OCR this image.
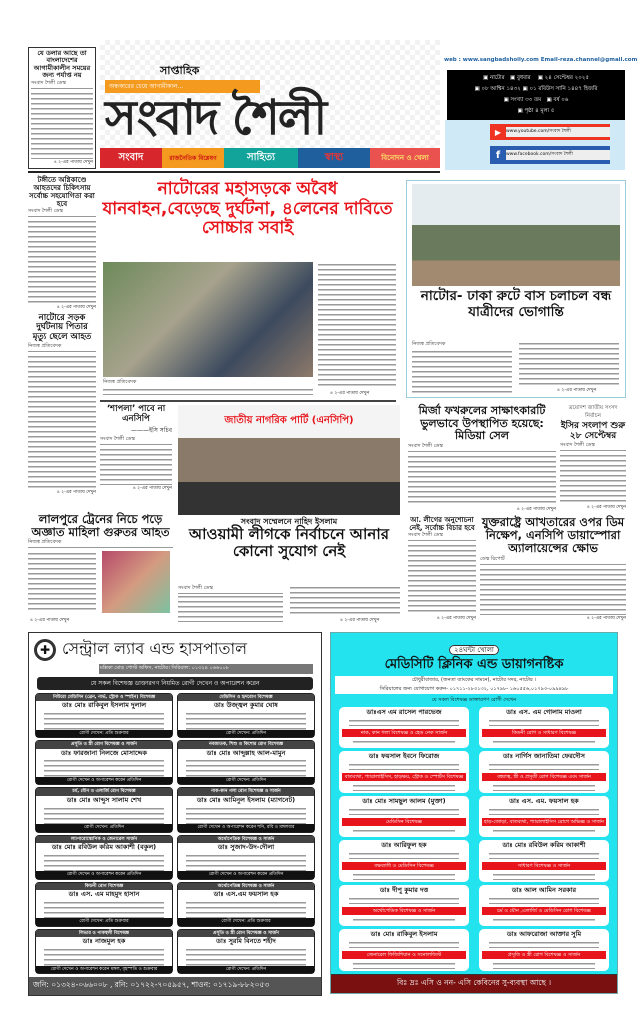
যে ডলার আছে তা বাংলাদেশের আগামীকালীন সময়ের জন্য পর্যাপ্ত নয়
সংবাদ শৈলী ডেস্ক
৪ ২-এর পাতায় দেখুন
সাপ্তাহিক
অন্ধকারের চেয়ে আগামীকাল...
সংবাদ শৈলী
সংবাদ	রাজনৈতিক বিশ্লেষণ	সাহিত্য	স্বাস্থ্য	বিনোদন ও খেলা
web : www.sangbadshoily.com Email-reza.channel@gmail.com
▣ নাটোর ▣ বুধবার ▣ ২৪ সেপ্টেম্বর ২০২৫
▣ ০৮ আশ্বিন ১৪৩২ ▣ ০১ রবিউস সানি ১৪৪৭ হিজরি
▣ সংখ্যা ৩৩ তম ▣ বর্ষ ০৬
▣ পৃষ্ঠা ৪ মূল্য ৫
▶	www.youtube.com/সংবাদ শৈলী
f	www.facebook.com/সংবাদ শৈলী
টঙ্গীতে অগ্নিকাণ্ডে আহতদের চিকিৎসায় সর্বোচ্চ সহযোগিতা করা হবে
সংবাদ শৈলী ডেস্ক
৪ ২-এর পাতায় দেখুন
নাটোরে সড়ক দুর্ঘটনায় পিতার মৃত্যু ছেলে আহত
নিজস্ব প্রতিবেদক
৪ ২-এর পাতায় দেখুন
নাটোরের মহাসড়কে অবৈধ যানবাহন,বেড়েছে দুর্ঘটনা, ৪লেনের দাবিতে সোচ্চার সবাই
৪ ২-এর পাতায় দেখুন
নিজস্ব প্রতিবেদক
নাটোর- ঢাকা রুটে বাস চলাচল বন্ধ যাত্রীদের ভোগান্তি
নিজস্ব প্রতিবেদক
৪ ২-এর পাতায় দেখুন
‘শাপলা’ পাবে না এনসিপি
———ইসি সচিব
সংবাদ শৈলী ডেস্ক
৪ ২-এর পাতায় দেখুন
জাতীয় নাগরিক পার্টি (এনসিপি)
সংবাদ সম্মেলনে নাহিদ ইসলাম
আওয়ামী লীগকে নির্বাচনে আনার কোনো সুযোগ নেই
সংবাদ শৈলী ডেস্ক
৪ ২-এর পাতায় দেখুন
লালপুরে ট্রেনের নিচে পড়ে অজ্ঞাত মাহিলা গুরুতর আহত
নিজস্ব প্রতিবেদক
৪ ২-এর পাতায় দেখুন
মির্জা ফখরুলের সাক্ষাৎকারটি ভুলভাবে উপস্থাপিত হয়েছে: মিডিয়া সেল
সংবাদ শৈলী ডেস্ক
৪ ২-এর পাতায় দেখুন
ত্রয়োদশ জাতীয় সংসদ নির্বাচন
ইসির সংলাপ শুরু ২৮ সেপ্টেম্বর
সংবাদ শৈলী ডেস্ক
৪ ২-এর পাতায় দেখুন
আ. লীগের অনুশোচনা নেই, সর্বোচ্চ বিচার হবে
সংবাদ শৈলী ডেস্ক
৪ ২-এর পাতায় দেখুন
যুক্তরাষ্ট্রে আখতারের ওপর ডিম নিক্ষেপ, এনসিপি ডায়াস্পোরা অ্যালায়েন্সের ক্ষোভ
ডেস্ক রিপোর্ট
৪ ২-এর পাতায় দেখুন
✚ সেন্ট্রাল ল্যাব এন্ড হাসপাতাল
মল্লিকা মোড় পোস্ট অফিস, নাটোর। সিরিয়াল: ০১৩২৪ ০৬৬০০৮
যে সকল বিশেষজ্ঞ ডাক্তারগণ নিয়মিত রোগী দেখেন ও অপারেশন করেন
নিউরো মেডিসিন (ব্রেন, নার্ভ, স্ট্রোক ও স্পাইন) বিশেষজ্ঞ
ডাঃ মোঃ রাকিবুল ইসলাম দুলাল
রোগী দেখেন: প্রতি শুক্রবার
মেডিসিন ও হৃদরোগ বিশেষজ্ঞ
ডাঃ উজ্জ্বল কুমার ঘোষ
রোগী দেখেন: প্রতিদিন
প্রসূতি ও স্ত্রী রোগ বিশেষজ্ঞ ও সার্জন
ডাঃ ফারজানা নিলজে মোসাদ্দেক
রোগী দেখেন ও অপারেশন করেন প্রতিদিন
নবজাতক, শিশু ও কিশোর রোগ বিশেষজ্ঞ
ডাঃ মোঃ আব্দুল্লাহ আল-মামুন
রোগী দেখেন: প্রতিদিন
চর্ম, যৌন ও এলার্জি রোগ বিশেষজ্ঞ
ডাঃ মোঃ আব্দুস সালাম শেখ
রোগী দেখেন: প্রতিদিন
নাক-কান গলা রোগ বিশেষজ্ঞ ও সার্জন
ডাঃ মোঃ আমিনুল ইসলাম (ম্যাগনেট)
রোগী দেখেন ও অপারেশন করেন শনি, রবি ও মঙ্গলবার
ল্যাপারোস্কোপিক ও জেনারেল সার্জন
ডাঃ মোঃ রবিউল করিম আকাশী (বকুল)
রোগী দেখেন ও অপারেশন করেন প্রতিদিন
অর্থোপেডিক বিশেষজ্ঞ ও সার্জন
ডাঃ সুজাদ-উদ-দৌলা
রোগী দেখেন ও অপারেশন করেন প্রতিদিন
কিডনী রোগ বিশেষজ্ঞ
ডাঃ এস. এম মাহমুদ হাসান
রোগী দেখেন: প্রতি শুক্রবার
অর্থোপেডিক্স বিশেষজ্ঞ ও সার্জন
ডাঃ এস.এম ফয়সাল হক
রোগী দেখেন: প্রতি শুক্রবার
লিভার ও পাকস্থলী বিশেষজ্ঞ
ডাঃ নাজমুল হক
রোগী দেখেন ও অপারেশন করেন মঙ্গল, বৃহস্পতি ও শুক্রবার
প্রসূতি ও স্ত্রী রোগ বিশেষজ্ঞ ও সার্জন
ডাঃ সুরমি বিনতে শহীদ
রোগী দেখেন: প্রতিদিন
জনি: ০১৩২৪-০৬৬০০৮ , রনি: ০১৭২২-৭০৫৯৫৭, শাওন: ০১৭১৯-৮৮২০৫৩
২৪ঘন্টা খোলা
মেডিসিটি ক্লিনিক এন্ড ডায়াগনষ্টিক
চৌধুরীবাজার, (জনতা ব্যাংকের সামনে), নাটোর সদর, নাটোর ।
সিরিয়ালের জন্য যোগাযোগ করুন- ০১৭১১-২৮৩১৩২, ০১৭৯৮- ১৬০৫৫৬,০১৭৯৩-০৯৯৪৯৮
যে সকল বিশেষজ্ঞ ডাক্তারগণ রোগী দেখেন
ডাঃএস এম রাসেল পারভেজ
নাক, কান গলা বিশেষজ্ঞ ও হেড নেক সার্জন
ডাঃ এস. এম গোলাম মাওলা
কিডনী রোগ ও সাধারণ বিশেষজ্ঞ
ডাঃ ফয়সাল ইবনে ফিরোজ
বাতব্যথা, প্যারালাইসিস, হাড়ক্ষয়, স্ট্রোক ও স্পোর্টস বিশেষজ্ঞ
ডাঃ নার্গিস জানাতিমা ফেরদৌস
বন্ধ্যাত্ব, স্ত্রী ও প্রসূতী রোগ বিশেষজ্ঞ এবং সার্জন
ডাঃ মোঃ সামছুল আলম (মুক্তা)
মেডিসিন বিশেষজ্ঞ
ডাঃ এস. এম. ফয়সাল হক
হাড়-জোড়া, বাতব্যথা, প্যারালাইসিস রোগে অভিজ্ঞ ও সার্জন
ডাঃ আরিফুল হক
বক্ষব্যাধি ও মেডিসিন বিশেষজ্ঞ
ডাঃ মোঃ রবিউল করিম আকাশী
সাধারণ বিশেষজ্ঞ ও সার্জন
ডাঃ দীপু কুমার দত্ত
অর্থোপেডিক বিশেষজ্ঞ ও সার্জন
ডাঃ আল আমিন সরকার
চর্ম ও যৌন ,এলার্জি ও মেডিসিন রোগ বিশেষজ্ঞ
ডাঃ মোঃ রাকিবুল ইসলাম
জেনারেল ফিজিশিয়ান ও সনোলজিস্ট
ডাঃ আফরোজা আক্তার সুমি
প্রসূতি ও স্ত্রী রোগ বিশেষজ্ঞ ও সার্জন
বিঃ দ্রঃ এসি ও নন- এসি কেবিনের সু-ব্যবস্থা আছে ।
